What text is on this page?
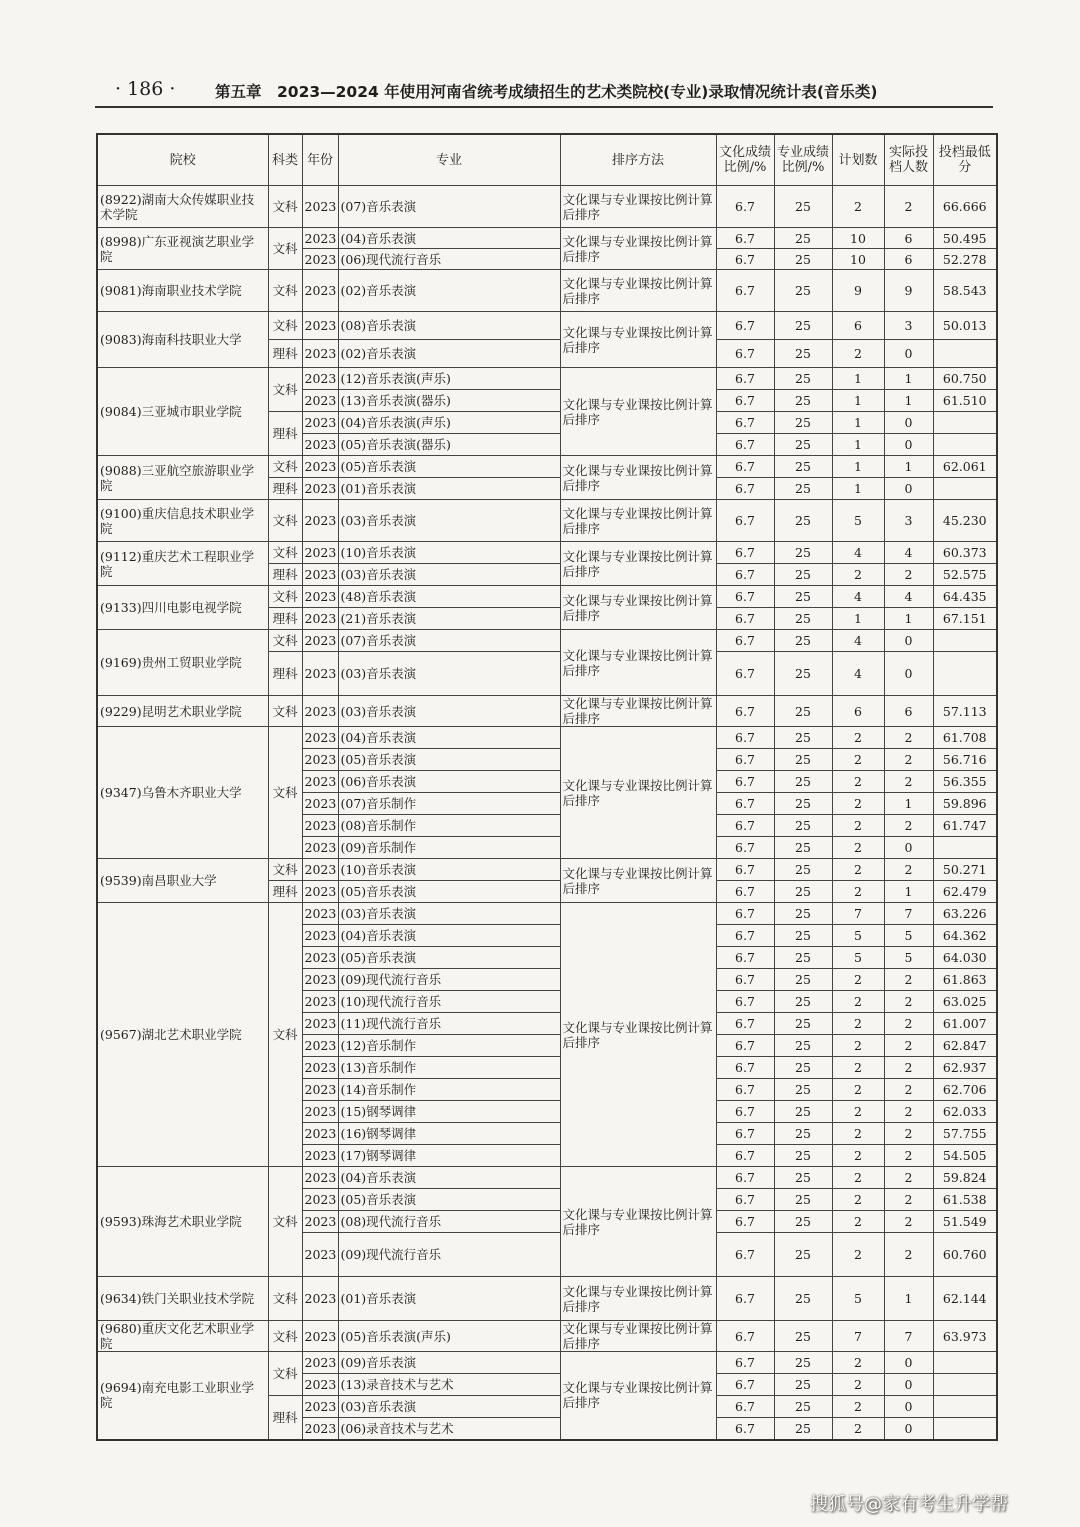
· 186 ·	第五章　2023—2024 年使用河南省统考成绩招生的艺术类院校(专业)录取情况统计表(音乐类)
院校	科类	年份	专业	排序方法	文化成绩比例/%	专业成绩比例/%	计划数	实际投档人数	投档最低分
(8922)湖南大众传媒职业技术学院	文科	2023	(07)音乐表演	文化课与专业课按比例计算后排序	6.7	25	2	2	66.666
(8998)广东亚视演艺职业学院	文科	2023	(04)音乐表演	文化课与专业课按比例计算后排序	6.7	25	10	6	50.495
		2023	(06)现代流行音乐		6.7	25	10	6	52.278
(9081)海南职业技术学院	文科	2023	(02)音乐表演	文化课与专业课按比例计算后排序	6.7	25	9	9	58.543
(9083)海南科技职业大学	文科	2023	(08)音乐表演	文化课与专业课按比例计算后排序	6.7	25	6	3	50.013
	理科	2023	(02)音乐表演		6.7	25	2	0	
(9084)三亚城市职业学院	文科	2023	(12)音乐表演(声乐)	文化课与专业课按比例计算后排序	6.7	25	1	1	60.750
		2023	(13)音乐表演(器乐)		6.7	25	1	1	61.510
	理科	2023	(04)音乐表演(声乐)		6.7	25	1	0	
		2023	(05)音乐表演(器乐)		6.7	25	1	0	
(9088)三亚航空旅游职业学院	文科	2023	(05)音乐表演	文化课与专业课按比例计算后排序	6.7	25	1	1	62.061
	理科	2023	(01)音乐表演		6.7	25	1	0	
(9100)重庆信息技术职业学院	文科	2023	(03)音乐表演	文化课与专业课按比例计算后排序	6.7	25	5	3	45.230
(9112)重庆艺术工程职业学院	文科	2023	(10)音乐表演	文化课与专业课按比例计算后排序	6.7	25	4	4	60.373
	理科	2023	(03)音乐表演		6.7	25	2	2	52.575
(9133)四川电影电视学院	文科	2023	(48)音乐表演	文化课与专业课按比例计算后排序	6.7	25	4	4	64.435
	理科	2023	(21)音乐表演		6.7	25	1	1	67.151
(9169)贵州工贸职业学院	文科	2023	(07)音乐表演	文化课与专业课按比例计算后排序	6.7	25	4	0	
	理科	2023	(03)音乐表演		6.7	25	4	0	
(9229)昆明艺术职业学院	文科	2023	(03)音乐表演	文化课与专业课按比例计算后排序	6.7	25	6	6	57.113
(9347)乌鲁木齐职业大学	文科	2023	(04)音乐表演	文化课与专业课按比例计算后排序	6.7	25	2	2	61.708
		2023	(05)音乐表演		6.7	25	2	2	56.716
		2023	(06)音乐表演		6.7	25	2	2	56.355
		2023	(07)音乐制作		6.7	25	2	1	59.896
		2023	(08)音乐制作		6.7	25	2	2	61.747
		2023	(09)音乐制作		6.7	25	2	0	
(9539)南昌职业大学	文科	2023	(10)音乐表演	文化课与专业课按比例计算后排序	6.7	25	2	2	50.271
	理科	2023	(05)音乐表演		6.7	25	2	1	62.479
(9567)湖北艺术职业学院	文科	2023	(03)音乐表演	文化课与专业课按比例计算后排序	6.7	25	7	7	63.226
		2023	(04)音乐表演		6.7	25	5	5	64.362
		2023	(05)音乐表演		6.7	25	5	5	64.030
		2023	(09)现代流行音乐		6.7	25	2	2	61.863
		2023	(10)现代流行音乐		6.7	25	2	2	63.025
		2023	(11)现代流行音乐		6.7	25	2	2	61.007
		2023	(12)音乐制作		6.7	25	2	2	62.847
		2023	(13)音乐制作		6.7	25	2	2	62.937
		2023	(14)音乐制作		6.7	25	2	2	62.706
		2023	(15)钢琴调律		6.7	25	2	2	62.033
		2023	(16)钢琴调律		6.7	25	2	2	57.755
		2023	(17)钢琴调律		6.7	25	2	2	54.505
(9593)珠海艺术职业学院	文科	2023	(04)音乐表演	文化课与专业课按比例计算后排序	6.7	25	2	2	59.824
		2023	(05)音乐表演		6.7	25	2	2	61.538
		2023	(08)现代流行音乐		6.7	25	2	2	51.549
		2023	(09)现代流行音乐		6.7	25	2	2	60.760
(9634)铁门关职业技术学院	文科	2023	(01)音乐表演	文化课与专业课按比例计算后排序	6.7	25	5	1	62.144
(9680)重庆文化艺术职业学院	文科	2023	(05)音乐表演(声乐)	文化课与专业课按比例计算后排序	6.7	25	7	7	63.973
(9694)南充电影工业职业学院	文科	2023	(09)音乐表演	文化课与专业课按比例计算后排序	6.7	25	2	0	
		2023	(13)录音技术与艺术		6.7	25	2	0	
	理科	2023	(03)音乐表演		6.7	25	2	0	
		2023	(06)录音技术与艺术		6.7	25	2	0	
搜狐号@家有考生升学帮
